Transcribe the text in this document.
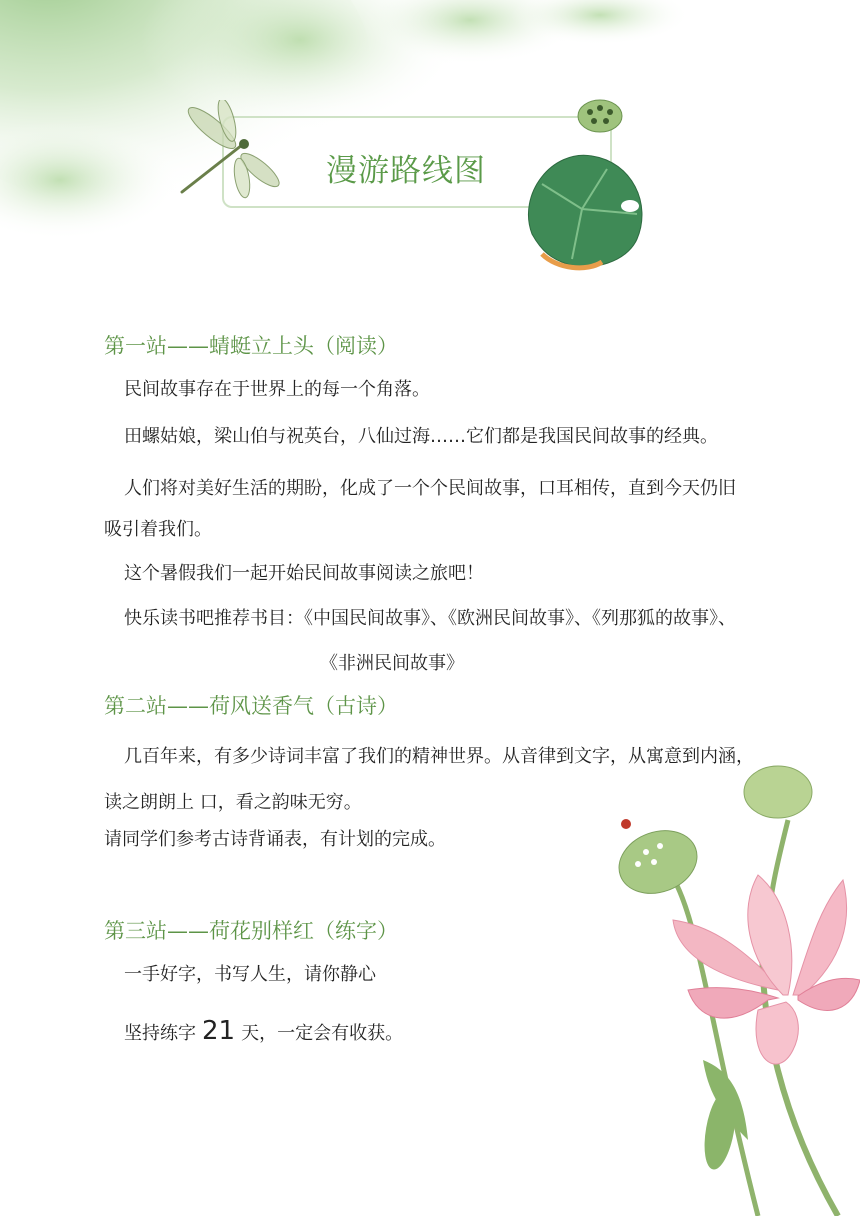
漫游路线图
第一站——蜻蜓立上头（阅读）
民间故事存在于世界上的每一个角落。
田螺姑娘，梁山伯与祝英台，八仙过海……它们都是我国民间故事的经典。
人们将对美好生活的期盼，化成了一个个民间故事，口耳相传，直到今天仍旧
吸引着我们。
这个暑假我们一起开始民间故事阅读之旅吧！
快乐读书吧推荐书目：《中国民间故事》、《欧洲民间故事》、《列那狐的故事》、
《非洲民间故事》
第二站——荷风送香气（古诗）
几百年来，有多少诗词丰富了我们的精神世界。从音律到文字，从寓意到内涵，
读之朗朗上 口，看之韵味无穷。
请同学们参考古诗背诵表，有计划的完成。
第三站——荷花别样红（练字）
一手好字，书写人生，请你静心
坚持练字 21 天，一定会有收获。
